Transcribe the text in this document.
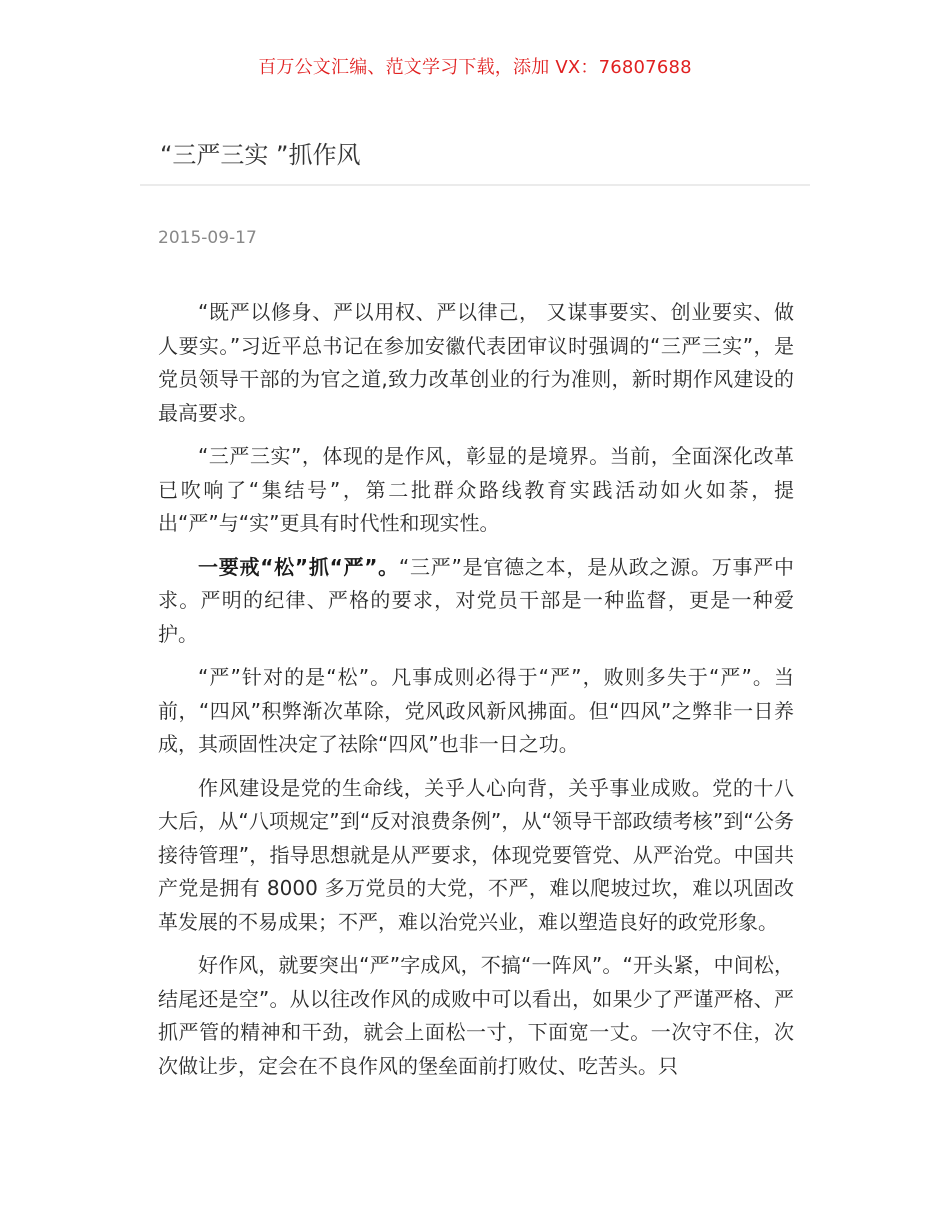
百万公文汇编、范文学习下载，添加 VX：76807688
“三严三实 ”抓作风
2015-09-17

“既严以修身、严以用权、严以律己， 又谋事要实、创业要实、做人要实。”习近平总书记在参加安徽代表团审议时强调的“三严三实”，是党员领导干部的为官之道,致力改革创业的行为准则，新时期作风建设的最高要求。

“三严三实”，体现的是作风，彰显的是境界。当前，全面深化改革已吹响了“集结号”，第二批群众路线教育实践活动如火如荼，提出“严”与“实”更具有时代性和现实性。

一要戒“松”抓“严”。“三严”是官德之本，是从政之源。万事严中求。严明的纪律、严格的要求，对党员干部是一种监督，更是一种爱护。

“严”针对的是“松”。凡事成则必得于“严”，败则多失于“严”。当前，“四风”积弊渐次革除，党风政风新风拂面。但“四风”之弊非一日养成，其顽固性决定了祛除“四风”也非一日之功。

作风建设是党的生命线，关乎人心向背，关乎事业成败。党的十八大后，从“八项规定”到“反对浪费条例”，从“领导干部政绩考核”到“公务接待管理”，指导思想就是从严要求，体现党要管党、从严治党。中国共产党是拥有 8000 多万党员的大党，不严，难以爬坡过坎，难以巩固改革发展的不易成果；不严，难以治党兴业，难以塑造良好的政党形象。

好作风，就要突出“严”字成风，不搞“一阵风”。“开头紧，中间松，结尾还是空”。从以往改作风的成败中可以看出，如果少了严谨严格、严抓严管的精神和干劲，就会上面松一寸，下面宽一丈。一次守不住，次次做让步，定会在不良作风的堡垒面前打败仗、吃苦头。只
